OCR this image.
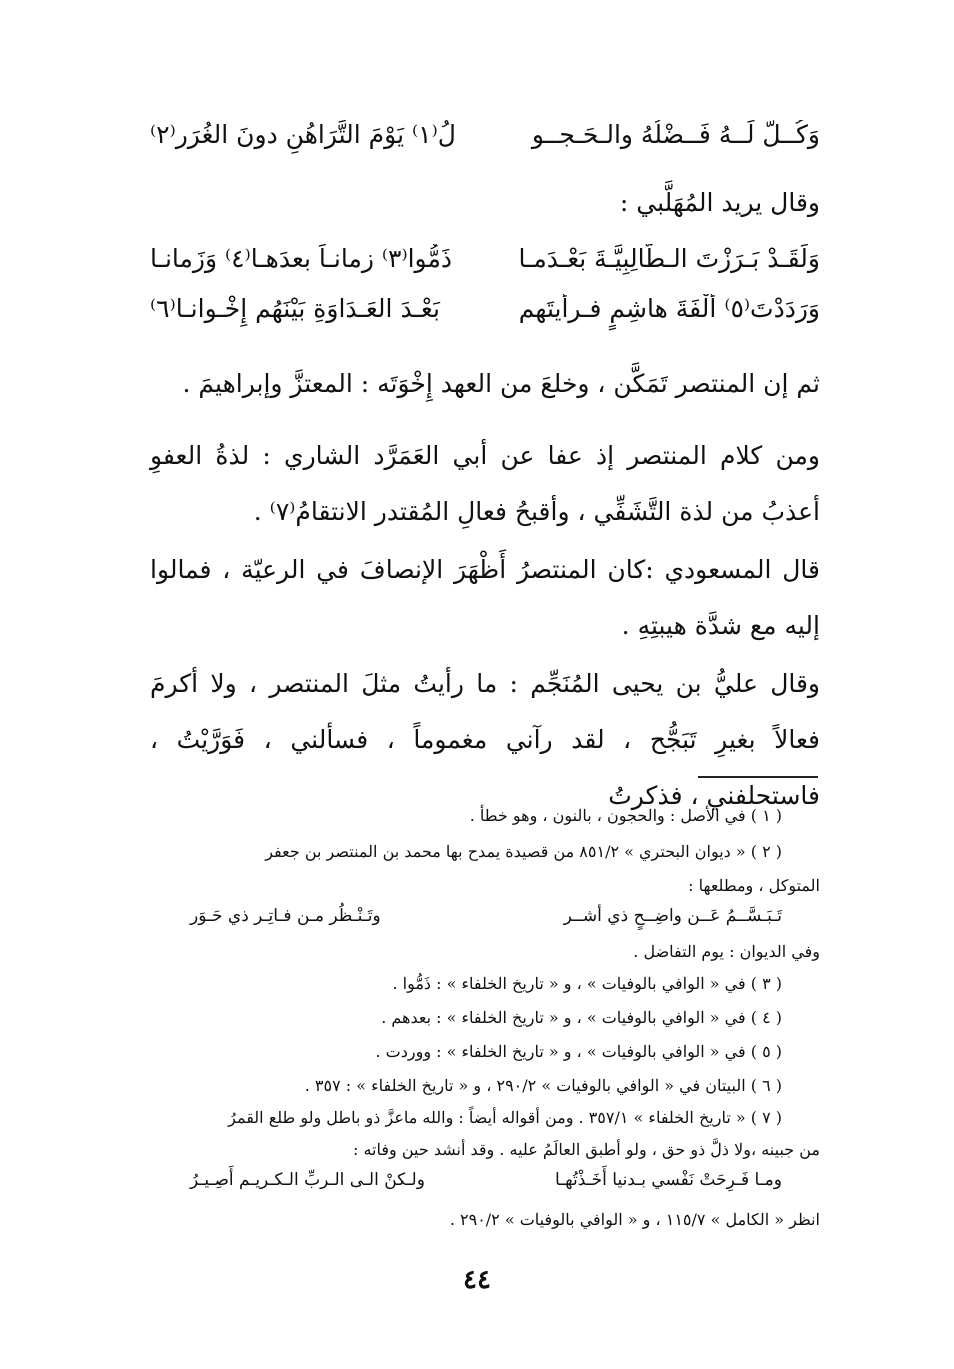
وَكُــلٌّ لَــهُ فَــضْلُهُ والـحَـجــو
لُ⁽١⁾ يَوْمَ التَّرَاهُنِ دونَ الغُرَر⁽٢⁾
وقال يريد المُهَلَّبي :
وَلَقَـدْ بَـرَزْتَ الـطَّالِبِيَّـةَ بَعْـدَمـا
ذَمُّوا⁽٣⁾ زمانـاً بعدَهـا⁽٤⁾ وَزَمانـا
وَرَدَدْتَ⁽٥⁾ أُلْفَةَ هاشِمٍ فـرأيتَهم
بَعْـدَ العَـدَاوَةِ بَيْنَهُم إِخْـوانـا⁽٦⁾
ثم إن المنتصر تَمَكَّن ، وخلعَ من العهد إِخْوَتَه : المعتزَّ وإبراهيمَ .
ومن كلام المنتصر إذ عفا عن أبي العَمَرَّد الشاري : لذةُ العفوِ أعذبُ من لذة التَّشَفِّي ، وأقبحُ فعالِ المُقتدر الانتقامُ⁽٧⁾ .
قال المسعودي :كان المنتصرُ أَظْهَرَ الإنصافَ في الرعيّة ، فمالوا إليه مع شدَّة هيبتِهِ .
وقال عليُّ بن يحيى المُنَجِّم : ما رأيتُ مثلَ المنتصر ، ولا أكرمَ فعالاً بغيرِ تَبَجُّح ، لقد رآني مغموماً ، فسألني ، فَوَرَّيْتُ ، فاستحلفني ، فذكرتُ
( ١ ) في الأصل : والحجون ، بالنون ، وهو خطأ .
( ٢ ) « ديوان البحتري » ٨٥١/٢ من قصيدة يمدح بها محمد بن المنتصر بن جعفر
المتوكل ، ومطلعها :
تَـبَـسَّــمُ عَــن واضِــحٍ ذي أشــر
وتَـنْـظُر مـن فـاتِـر ذي حَـوَر
وفي الديوان : يوم التفاضل .
( ٣ ) في « الوافي بالوفيات » ، و « تاريخ الخلفاء » : ذَمُّوا .
( ٤ ) في « الوافي بالوفيات » ، و « تاريخ الخلفاء » : بعدهم .
( ٥ ) في « الوافي بالوفيات » ، و « تاريخ الخلفاء » : ووردت .
( ٦ ) البيتان في « الوافي بالوفيات » ٢٩٠/٢ ، و « تاريخ الخلفاء » : ٣٥٧ .
( ٧ ) « تاريخ الخلفاء » ٣٥٧/١ . ومن أقواله أيضاً : والله ماعزَّ ذو باطل ولو طلع القمرُ
من جبينه ،ولا ذلَّ ذو حق ، ولو أطبق العالَمُ عليه . وقد أنشد حين وفاته :
ومـا فَـرِحَتْ نَفْسي بـدنيا أَخَـذْتُهـا
ولـكنْ الـى الـربِّ الـكـريـم أَصِـيـرُ
انظر « الكامل » ١١٥/٧ ، و « الوافي بالوفيات » ٢٩٠/٢ .
٤٤
